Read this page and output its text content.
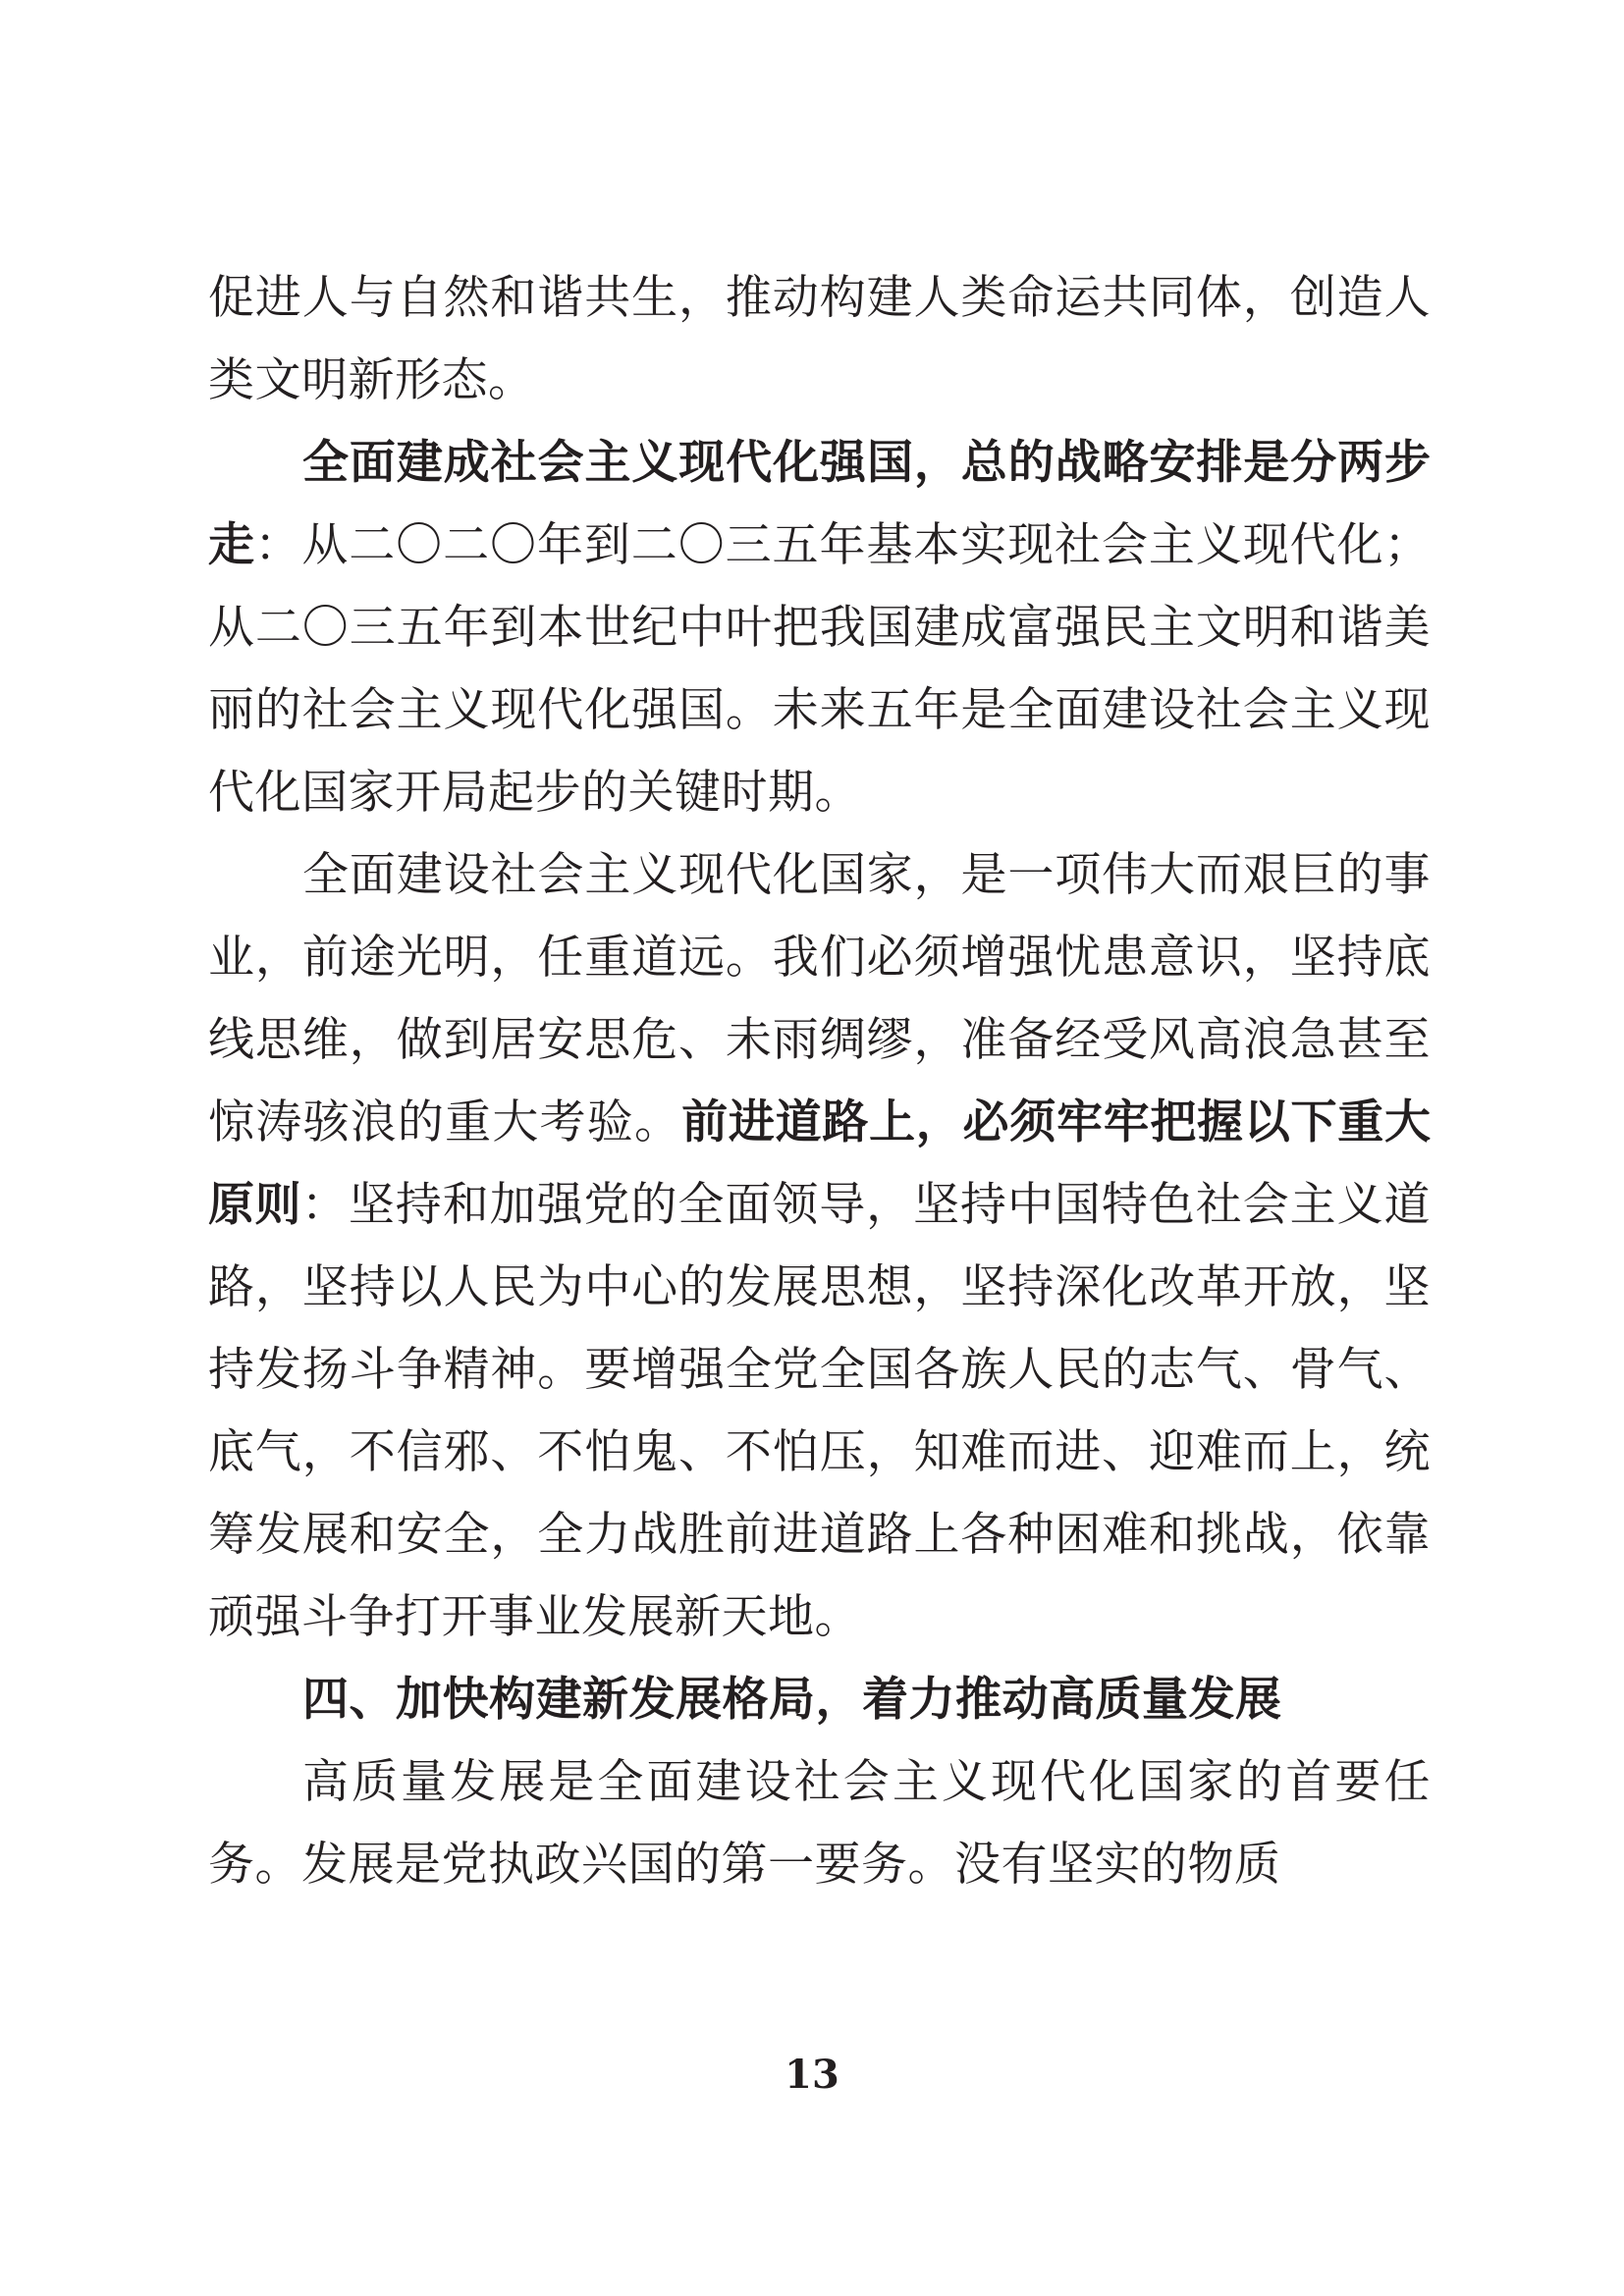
促进人与自然和谐共生，推动构建人类命运共同体，创造人类文明新形态。

全面建成社会主义现代化强国，总的战略安排是分两步走：从二〇二〇年到二〇三五年基本实现社会主义现代化；从二〇三五年到本世纪中叶把我国建成富强民主文明和谐美丽的社会主义现代化强国。未来五年是全面建设社会主义现代化国家开局起步的关键时期。

全面建设社会主义现代化国家，是一项伟大而艰巨的事业，前途光明，任重道远。我们必须增强忧患意识，坚持底线思维，做到居安思危、未雨绸缪，准备经受风高浪急甚至惊涛骇浪的重大考验。前进道路上，必须牢牢把握以下重大原则：坚持和加强党的全面领导，坚持中国特色社会主义道路，坚持以人民为中心的发展思想，坚持深化改革开放，坚持发扬斗争精神。要增强全党全国各族人民的志气、骨气、底气，不信邪、不怕鬼、不怕压，知难而进、迎难而上，统筹发展和安全，全力战胜前进道路上各种困难和挑战，依靠顽强斗争打开事业发展新天地。

四、加快构建新发展格局，着力推动高质量发展

高质量发展是全面建设社会主义现代化国家的首要任务。发展是党执政兴国的第一要务。没有坚实的物质

13
